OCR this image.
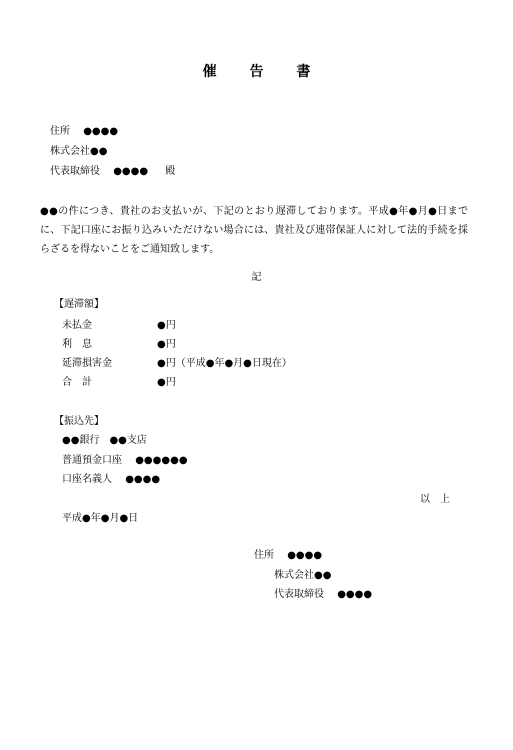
催 告 書
住所 ●●●●
株式会社●●
代表取締役 ●●●● 殿
●●の件につき、貴社のお支払いが、下記のとおり遅滞しております。平成●年●月●日までに、下記口座にお振り込みいただけない場合には、貴社及び連帯保証人に対して法的手続を採らざるを得ないことをご通知致します。
記
【遅滞額】
未払金	●円
利　息	●円
延滞損害金	●円（平成●年●月●日現在）
合　計	●円
【振込先】
●●銀行　●●支店
普通預金口座 ●●●●●●
口座名義人 ●●●●
以　上
平成●年●月●日
住所 ●●●●
株式会社●●
代表取締役 ●●●●
